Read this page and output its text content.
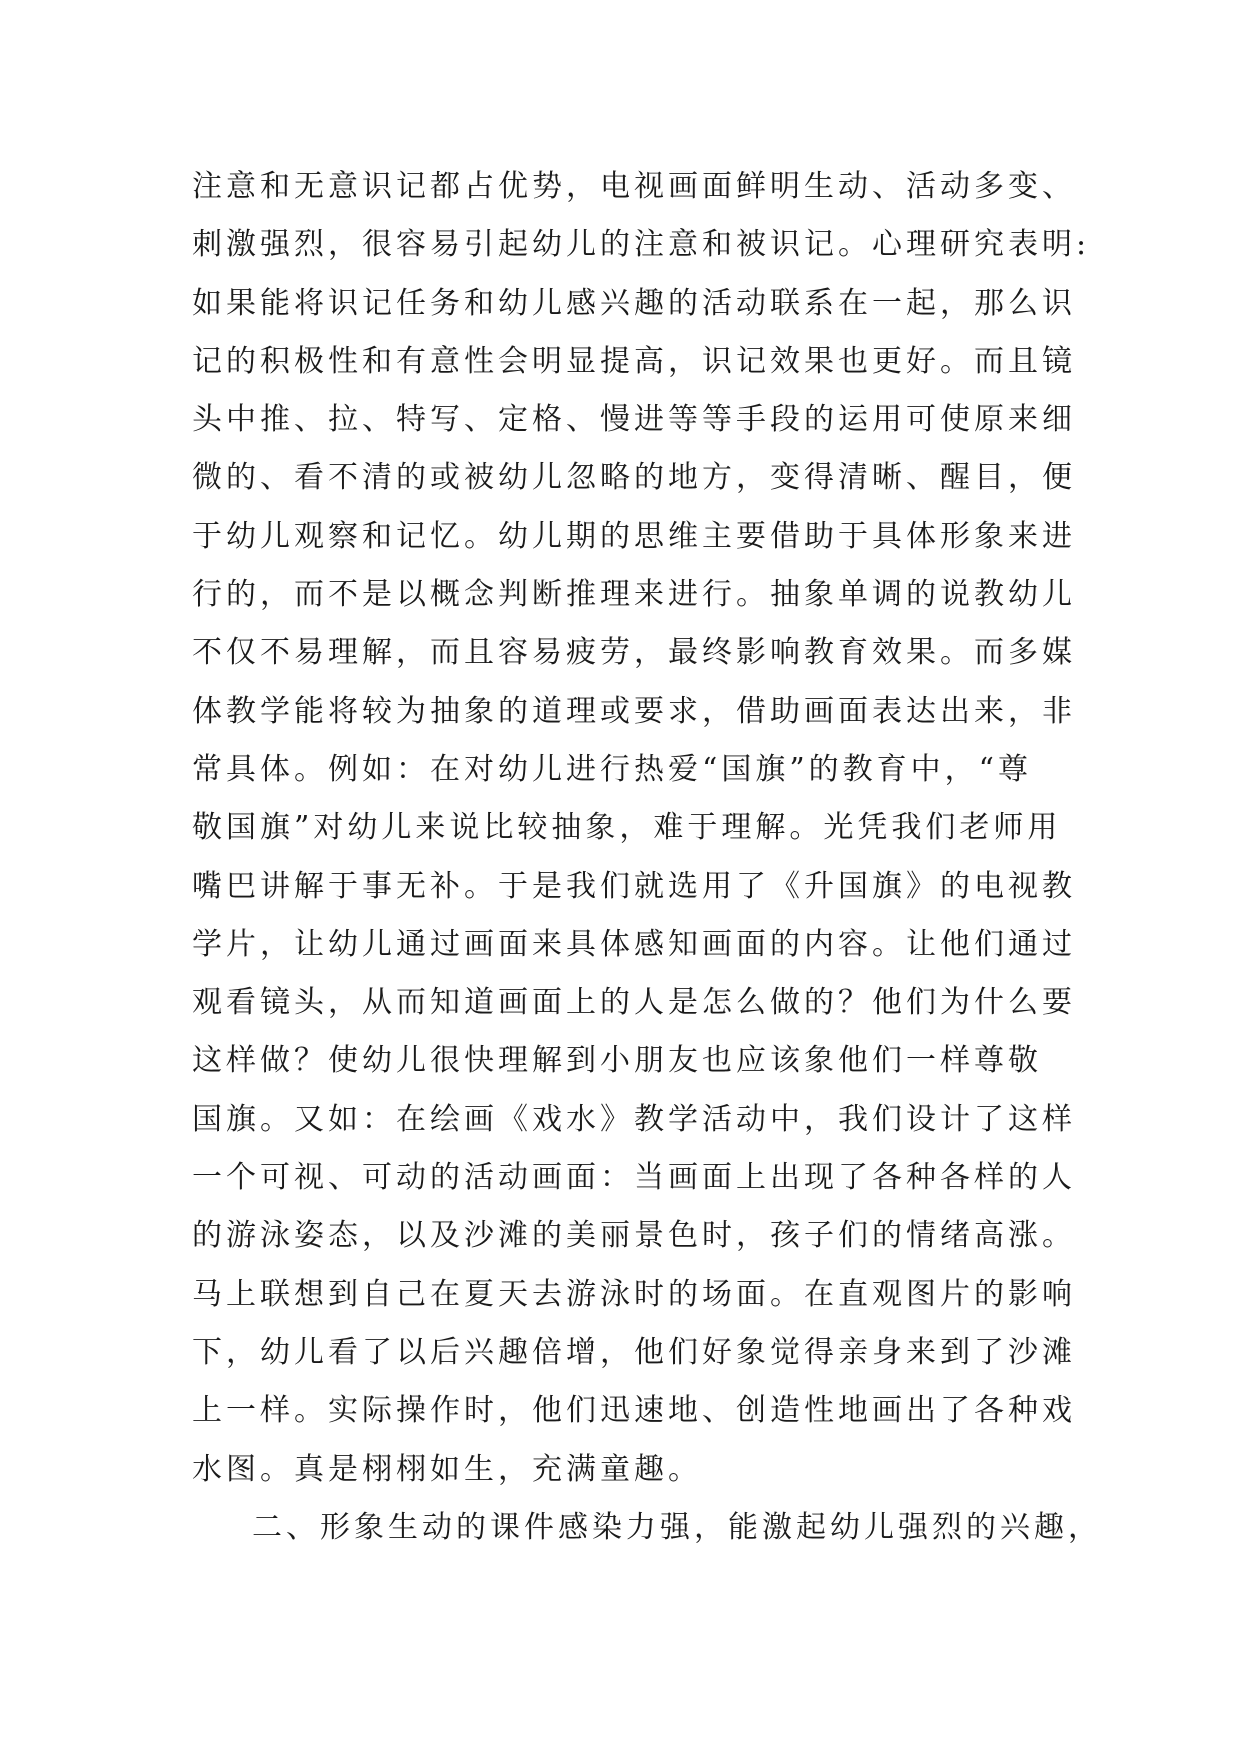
注意和无意识记都占优势，电视画面鲜明生动、活动多变、
刺激强烈，很容易引起幼儿的注意和被识记。心理研究表明:
如果能将识记任务和幼儿感兴趣的活动联系在一起，那么识
记的积极性和有意性会明显提高，识记效果也更好。而且镜
头中推、拉、特写、定格、慢进等等手段的运用可使原来细
微的、看不清的或被幼儿忽略的地方，变得清晰、醒目，便
于幼儿观察和记忆。幼儿期的思维主要借助于具体形象来进
行的，而不是以概念判断推理来进行。抽象单调的说教幼儿
不仅不易理解，而且容易疲劳，最终影响教育效果。而多媒
体教学能将较为抽象的道理或要求，借助画面表达出来，非
常具体。例如：在对幼儿进行热爱“国旗”的教育中，“尊
敬国旗”对幼儿来说比较抽象，难于理解。光凭我们老师用
嘴巴讲解于事无补。于是我们就选用了《升国旗》的电视教
学片，让幼儿通过画面来具体感知画面的内容。让他们通过
观看镜头，从而知道画面上的人是怎么做的？他们为什么要
这样做？使幼儿很快理解到小朋友也应该象他们一样尊敬
国旗。又如：在绘画《戏水》教学活动中，我们设计了这样
一个可视、可动的活动画面：当画面上出现了各种各样的人
的游泳姿态，以及沙滩的美丽景色时，孩子们的情绪高涨。
马上联想到自己在夏天去游泳时的场面。在直观图片的影响
下，幼儿看了以后兴趣倍增，他们好象觉得亲身来到了沙滩
上一样。实际操作时，他们迅速地、创造性地画出了各种戏
水图。真是栩栩如生，充满童趣。
二、形象生动的课件感染力强，能激起幼儿强烈的兴趣，
